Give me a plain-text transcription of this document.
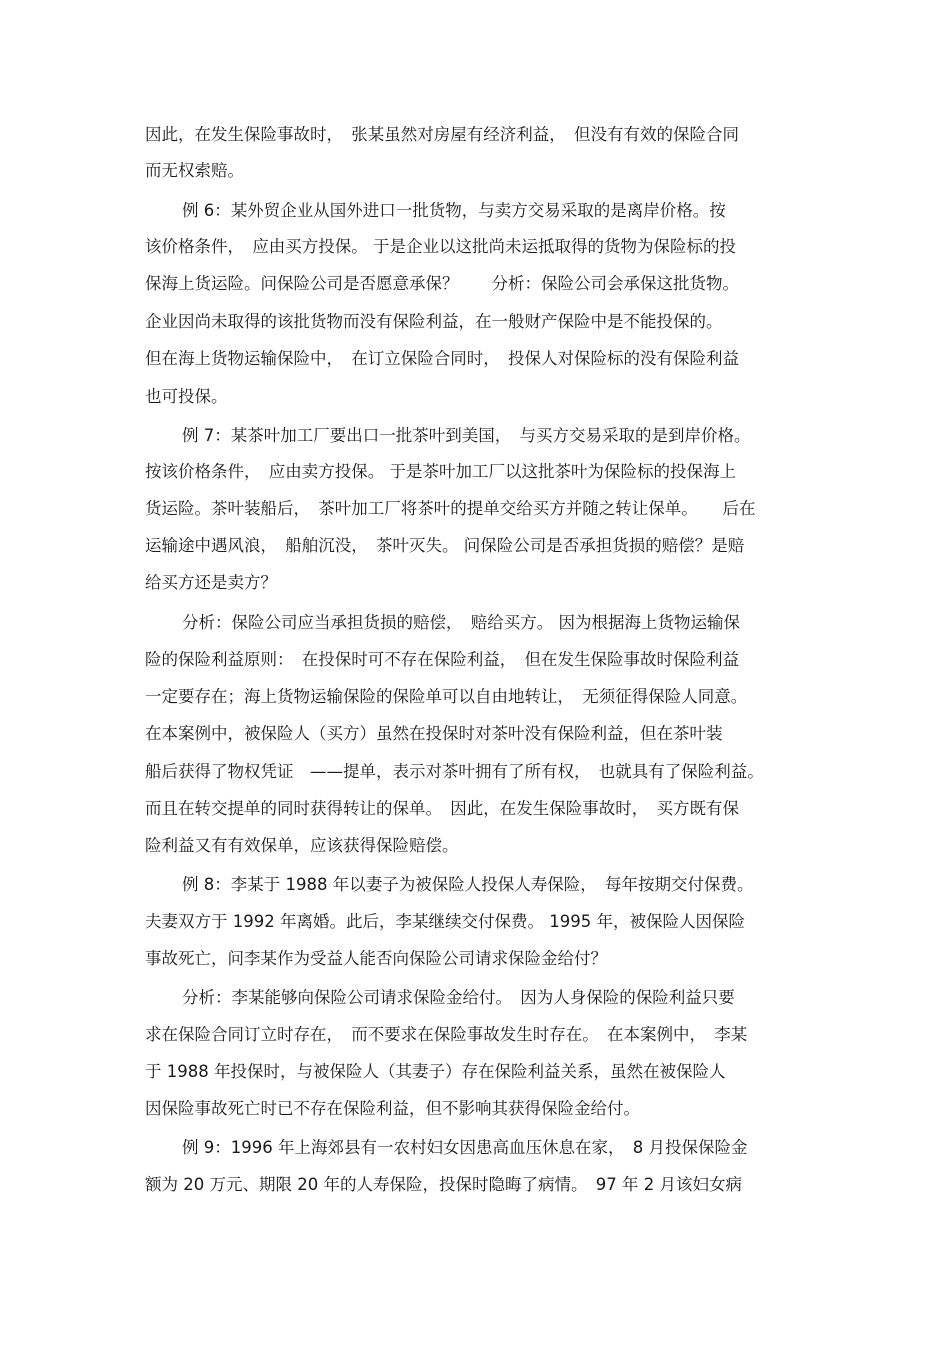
因此，在发生保险事故时，　张某虽然对房屋有经济利益，　但没有有效的保险合同
而无权索赔。
例 6：某外贸企业从国外进口一批货物，与卖方交易采取的是离岸价格。按
该价格条件，　应由买方投保。 于是企业以这批尚未运抵取得的货物为保险标的投
保海上货运险。问保险公司是否愿意承保？　　分析：保险公司会承保这批货物。
企业因尚未取得的该批货物而没有保险利益，在一般财产保险中是不能投保的。
但在海上货物运输保险中，　在订立保险合同时，　投保人对保险标的没有保险利益
也可投保。
例 7：某茶叶加工厂要出口一批茶叶到美国，　与买方交易采取的是到岸价格。
按该价格条件，　应由卖方投保。 于是茶叶加工厂以这批茶叶为保险标的投保海上
货运险。茶叶装船后，　茶叶加工厂将茶叶的提单交给买方并随之转让保单。　　后在
运输途中遇风浪，　船舶沉没，　茶叶灭失。 问保险公司是否承担货损的赔偿？是赔
给买方还是卖方？
分析：保险公司应当承担货损的赔偿，　赔给买方。 因为根据海上货物运输保
险的保险利益原则：　在投保时可不存在保险利益，　但在发生保险事故时保险利益
一定要存在；海上货物运输保险的保险单可以自由地转让，　无须征得保险人同意。
在本案例中，被保险人（买方）虽然在投保时对茶叶没有保险利益，但在茶叶装
船后获得了物权凭证　——提单，表示对茶叶拥有了所有权，　也就具有了保险利益。
而且在转交提单的同时获得转让的保单。　因此，在发生保险事故时，　买方既有保
险利益又有有效保单，应该获得保险赔偿。
例 8：李某于 1988 年以妻子为被保险人投保人寿保险，　每年按期交付保费。
夫妻双方于 1992 年离婚。此后，李某继续交付保费。 1995 年，被保险人因保险
事故死亡，问李某作为受益人能否向保险公司请求保险金给付？
分析：李某能够向保险公司请求保险金给付。　因为人身保险的保险利益只要
求在保险合同订立时存在，　而不要求在保险事故发生时存在。　在本案例中，　李某
于 1988 年投保时，与被保险人（其妻子）存在保险利益关系，虽然在被保险人
因保险事故死亡时已不存在保险利益，但不影响其获得保险金给付。
例 9：1996 年上海郊县有一农村妇女因患高血压休息在家，　8 月投保保险金
额为 20 万元、期限 20 年的人寿保险，投保时隐晦了病情。　97 年 2 月该妇女病
